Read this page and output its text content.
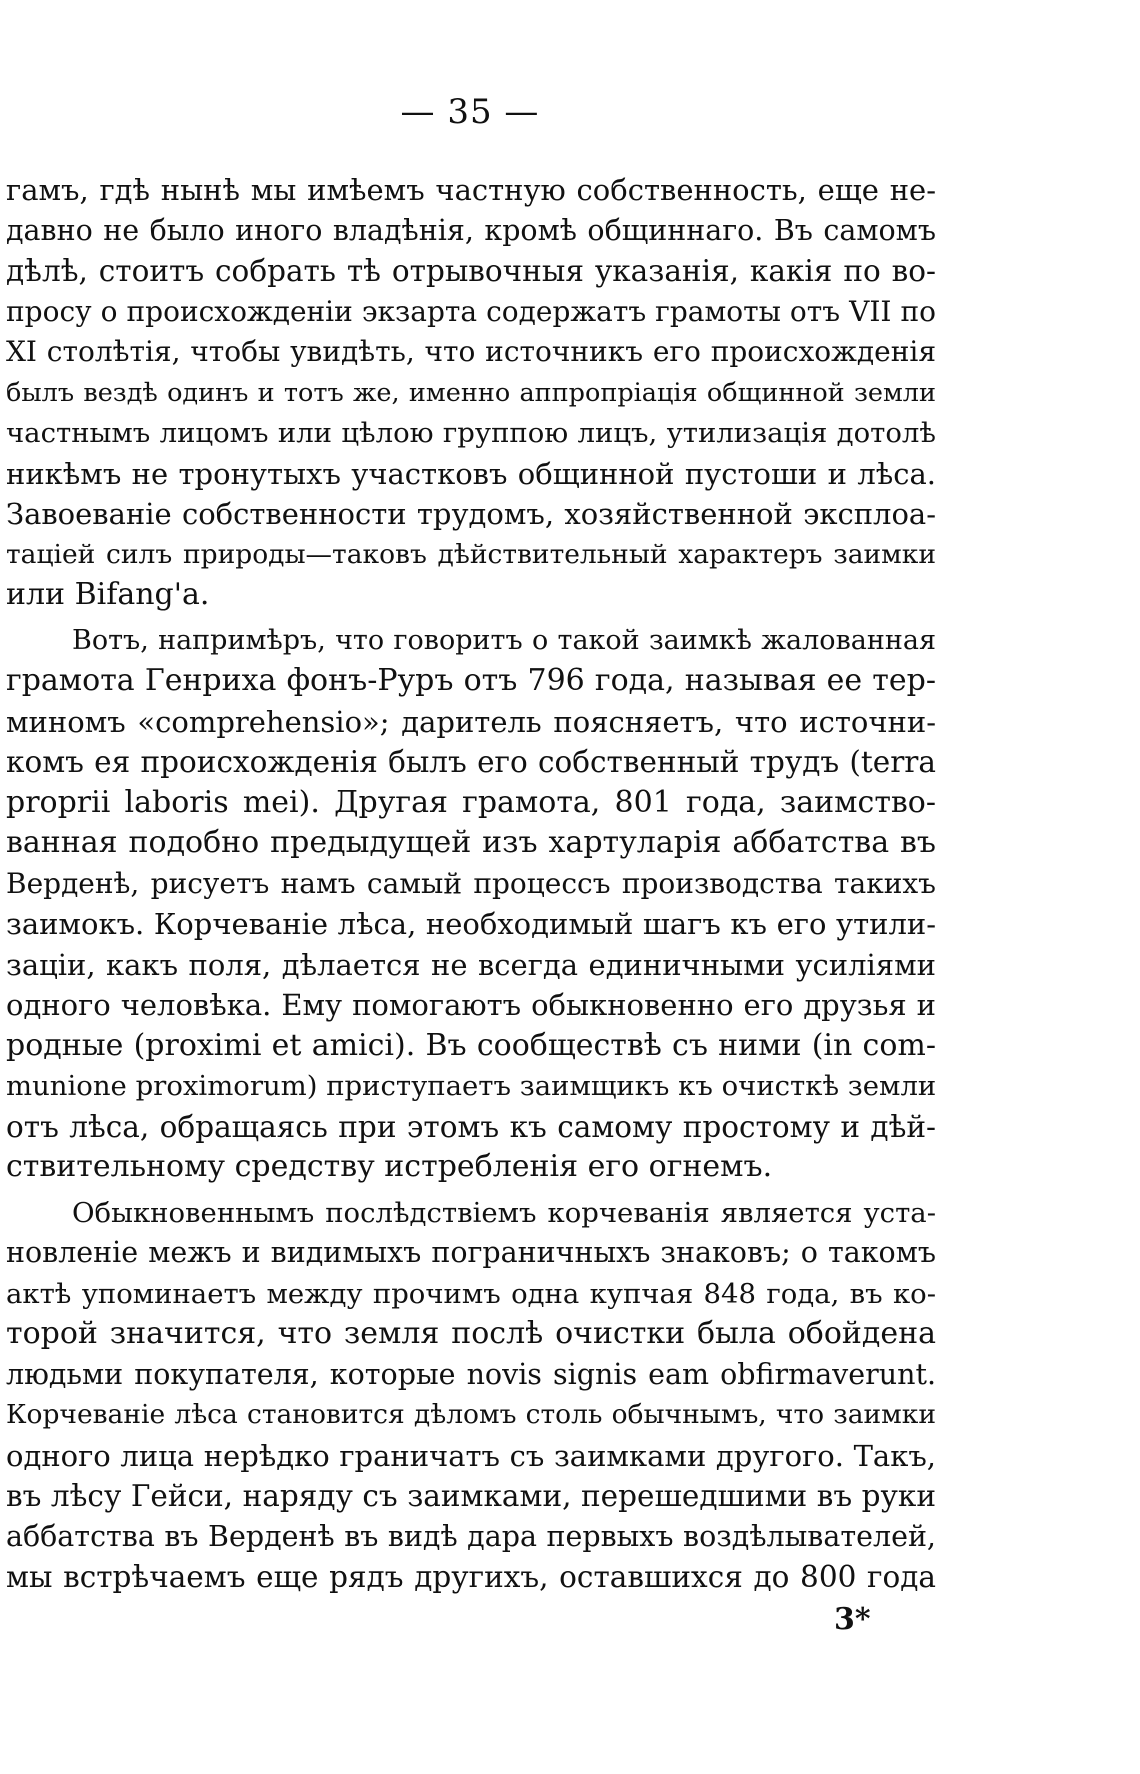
— 35 —
гамъ, гдѣ нынѣ мы имѣемъ частную собственность, еще не-
давно не было иного владѣнія, кромѣ общиннаго. Въ самомъ
дѣлѣ, стоитъ собрать тѣ отрывочныя указанія, какія по во-
просу о происхожденіи экзарта содержатъ грамоты отъ VII по
XI столѣтія, чтобы увидѣть, что источникъ его происхожденія
былъ вездѣ одинъ и тотъ же, именно аппропріація общинной земли
частнымъ лицомъ или цѣлою группою лицъ, утилизація дотолѣ
никѣмъ не тронутыхъ участковъ общинной пустоши и лѣса.
Завоеваніе собственности трудомъ, хозяйственной эксплоа-
таціей силъ природы—таковъ дѣйствительный характеръ заимки
или Bifang'a.
Вотъ, напримѣръ, что говоритъ о такой заимкѣ жалованная
грамота Генриха фонъ-Руръ отъ 796 года, называя ее тер-
миномъ «comprehensio»; даритель поясняетъ, что источни-
комъ ея происхожденія былъ его собственный трудъ (terra
proprii laboris mei). Другая грамота, 801 года, заимство-
ванная подобно предыдущей изъ хартуларія аббатства въ
Верденѣ, рисуетъ намъ самый процессъ производства такихъ
заимокъ. Корчеваніе лѣса, необходимый шагъ къ его утили-
заціи, какъ поля, дѣлается не всегда единичными усиліями
одного человѣка. Ему помогаютъ обыкновенно его друзья и
родные (proximi et amici). Въ сообществѣ съ ними (in com-
munione proximorum) приступаетъ заимщикъ къ очисткѣ земли
отъ лѣса, обращаясь при этомъ къ самому простому и дѣй-
ствительному средству истребленія его огнемъ.
Обыкновеннымъ послѣдствіемъ корчеванія является уста-
новленіе межъ и видимыхъ пограничныхъ знаковъ; о такомъ
актѣ упоминаетъ между прочимъ одна купчая 848 года, въ ко-
торой значится, что земля послѣ очистки была обойдена
людьми покупателя, которые novis signis eam obfirmaverunt.
Корчеваніе лѣса становится дѣломъ столь обычнымъ, что заимки
одного лица нерѣдко граничатъ съ заимками другого. Такъ,
въ лѣсу Гейси, наряду съ заимками, перешедшими въ руки
аббатства въ Верденѣ въ видѣ дара первыхъ воздѣлывателей,
мы встрѣчаемъ еще рядъ другихъ, оставшихся до 800 года
3*
